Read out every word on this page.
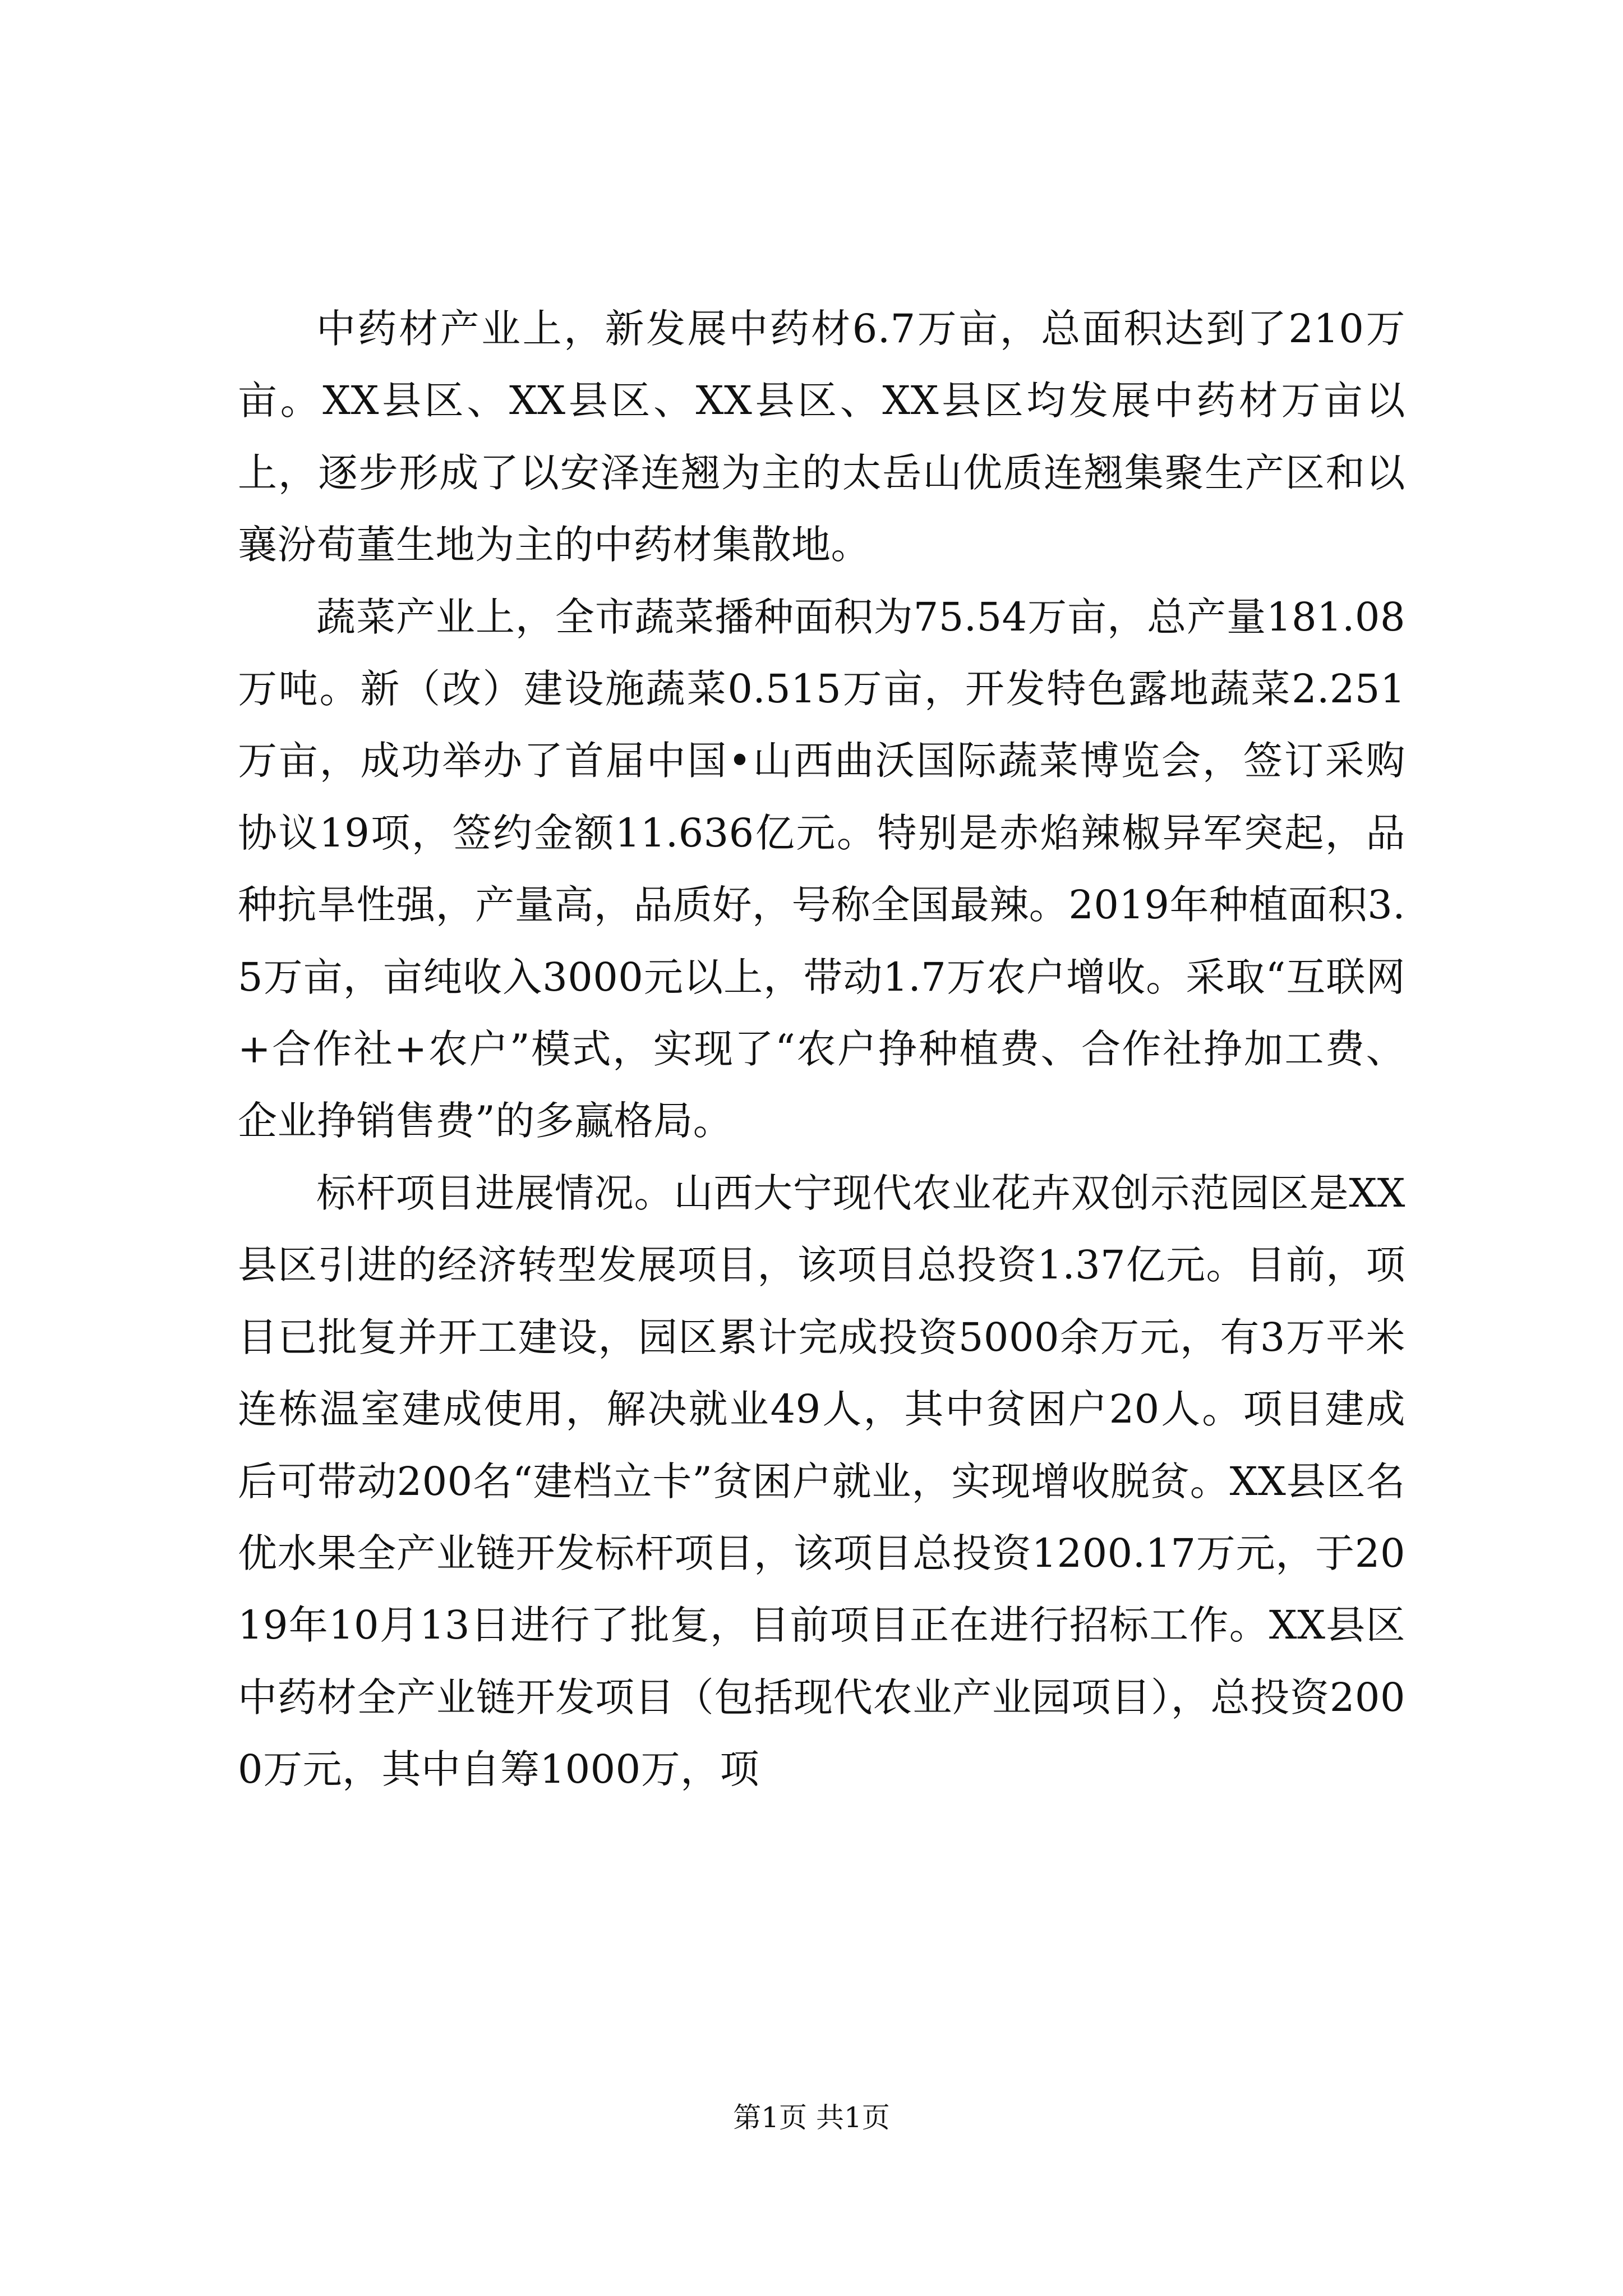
中药材产业上，新发展中药材6.7万亩，总面积达到了210万亩。XX县区、XX县区、XX县区、XX县区均发展中药材万亩以上，逐步形成了以安泽连翘为主的太岳山优质连翘集聚生产区和以襄汾荀董生地为主的中药材集散地。

蔬菜产业上，全市蔬菜播种面积为75.54万亩，总产量181.08万吨。新（改）建设施蔬菜0.515万亩，开发特色露地蔬菜2.251万亩，成功举办了首届中国•山西曲沃国际蔬菜博览会，签订采购协议19项，签约金额11.636亿元。特别是赤焰辣椒异军突起，品种抗旱性强，产量高，品质好，号称全国最辣。2019年种植面积3.5万亩，亩纯收入3000元以上，带动1.7万农户增收。采取“互联网+合作社+农户”模式，实现了“农户挣种植费、合作社挣加工费、企业挣销售费”的多赢格局。

标杆项目进展情况。山西大宁现代农业花卉双创示范园区是XX县区引进的经济转型发展项目，该项目总投资1.37亿元。目前，项目已批复并开工建设，园区累计完成投资5000余万元，有3万平米连栋温室建成使用，解决就业49人，其中贫困户20人。项目建成后可带动200名“建档立卡”贫困户就业，实现增收脱贫。XX县区名优水果全产业链开发标杆项目，该项目总投资1200.17万元，于2019年10月13日进行了批复，目前项目正在进行招标工作。XX县区中药材全产业链开发项目（包括现代农业产业园项目），总投资2000万元，其中自筹1000万，项

第1页 共1页
